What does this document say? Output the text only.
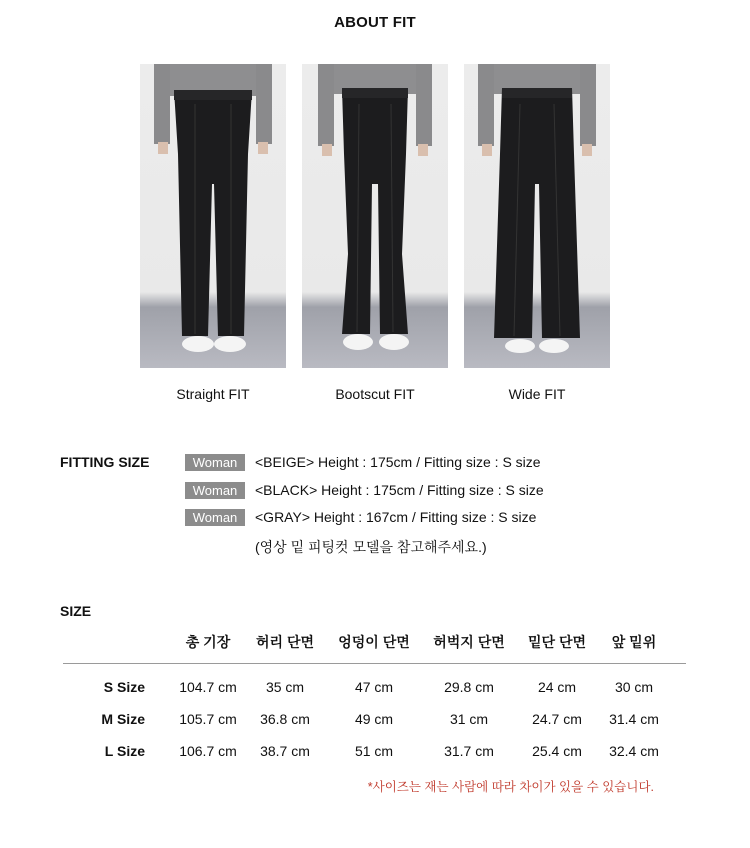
ABOUT FIT
Straight FIT	Bootscut FIT	Wide FIT
FITTING SIZE	Woman	<BEIGE> Height : 175cm / Fitting size : S size
Woman	<BLACK> Height : 175cm / Fitting size : S size
Woman	<GRAY> Height : 167cm / Fitting size : S size
(영상 밑 피팅컷 모델을 참고해주세요.)
SIZE
총 기장	허리 단면	엉덩이 단면	허벅지 단면	밑단 단면	앞 밑위
S Size	104.7 cm	35 cm	47 cm	29.8 cm	24 cm	30 cm
M Size	105.7 cm	36.8 cm	49 cm	31 cm	24.7 cm	31.4 cm
L Size	106.7 cm	38.7 cm	51 cm	31.7 cm	25.4 cm	32.4 cm
*사이즈는 재는 사람에 따라 차이가 있을 수 있습니다.
